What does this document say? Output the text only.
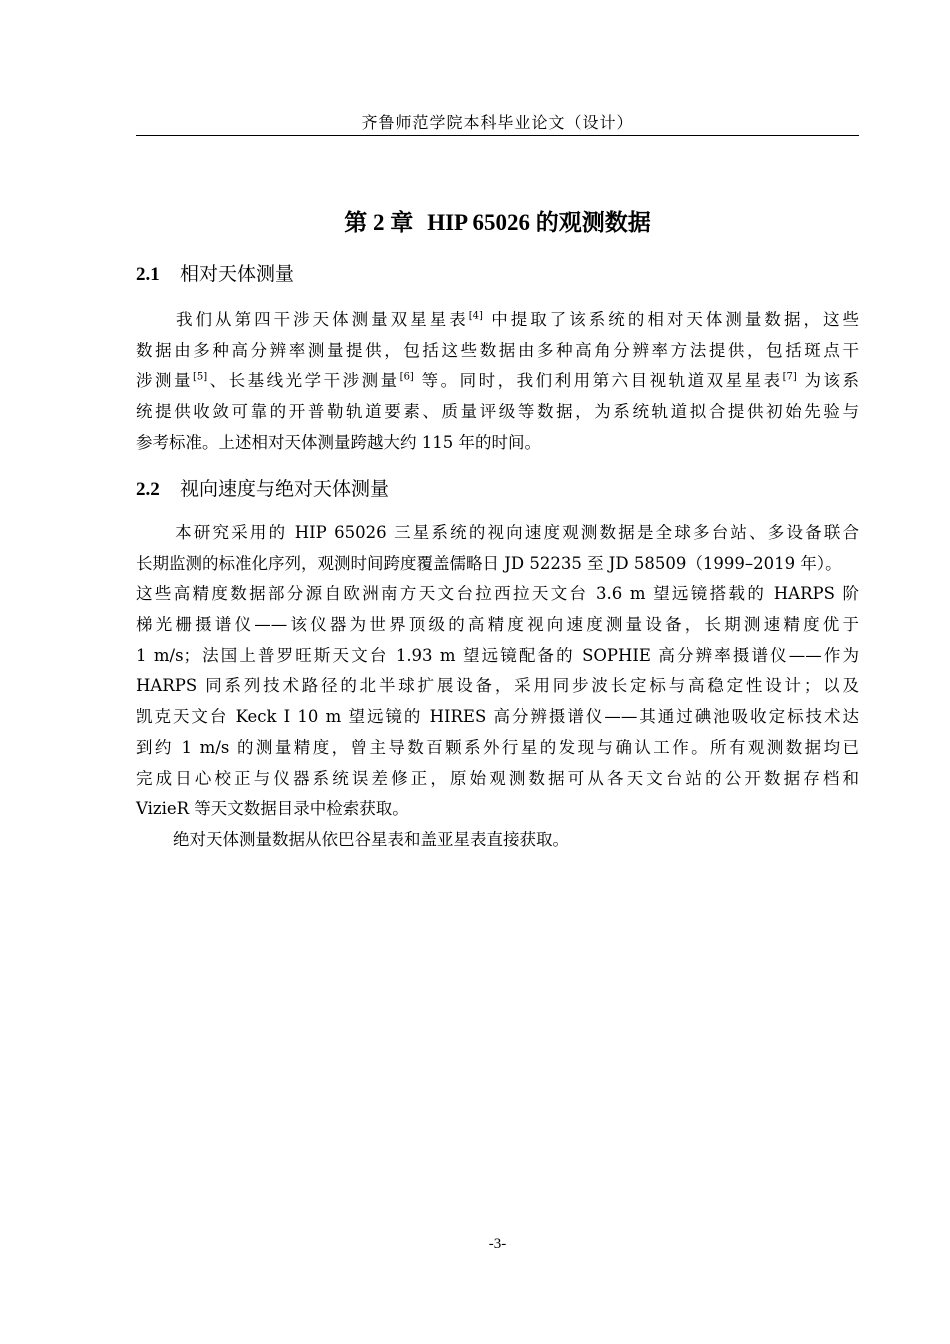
齐鲁师范学院本科毕业论文（设计）
第 2 章 HIP 65026 的观测数据
2.1 相对天体测量
我们从第四干涉天体测量双星星表[4] 中提取了该系统的相对天体测量数据，这些
数据由多种高分辨率测量提供，包括这些数据由多种高角分辨率方法提供，包括斑点干
涉测量[5]、长基线光学干涉测量[6] 等。同时，我们利用第六目视轨道双星星表[7] 为该系
统提供收敛可靠的开普勒轨道要素、质量评级等数据，为系统轨道拟合提供初始先验与
参考标准。上述相对天体测量跨越大约 115 年的时间。
2.2 视向速度与绝对天体测量
本研究采用的 HIP 65026 三星系统的视向速度观测数据是全球多台站、多设备联合
长期监测的标准化序列，观测时间跨度覆盖儒略日 JD 52235 至 JD 58509（1999–2019 年）。
这些高精度数据部分源自欧洲南方天文台拉西拉天文台 3.6 m 望远镜搭载的 HARPS 阶
梯光栅摄谱仪——该仪器为世界顶级的高精度视向速度测量设备，长期测速精度优于
1 m/s；法国上普罗旺斯天文台 1.93 m 望远镜配备的 SOPHIE 高分辨率摄谱仪——作为
HARPS 同系列技术路径的北半球扩展设备，采用同步波长定标与高稳定性设计；以及
凯克天文台 Keck I 10 m 望远镜的 HIRES 高分辨摄谱仪——其通过碘池吸收定标技术达
到约 1 m/s 的测量精度，曾主导数百颗系外行星的发现与确认工作。所有观测数据均已
完成日心校正与仪器系统误差修正，原始观测数据可从各天文台站的公开数据存档和
VizieR 等天文数据目录中检索获取。
绝对天体测量数据从依巴谷星表和盖亚星表直接获取。
-3-
